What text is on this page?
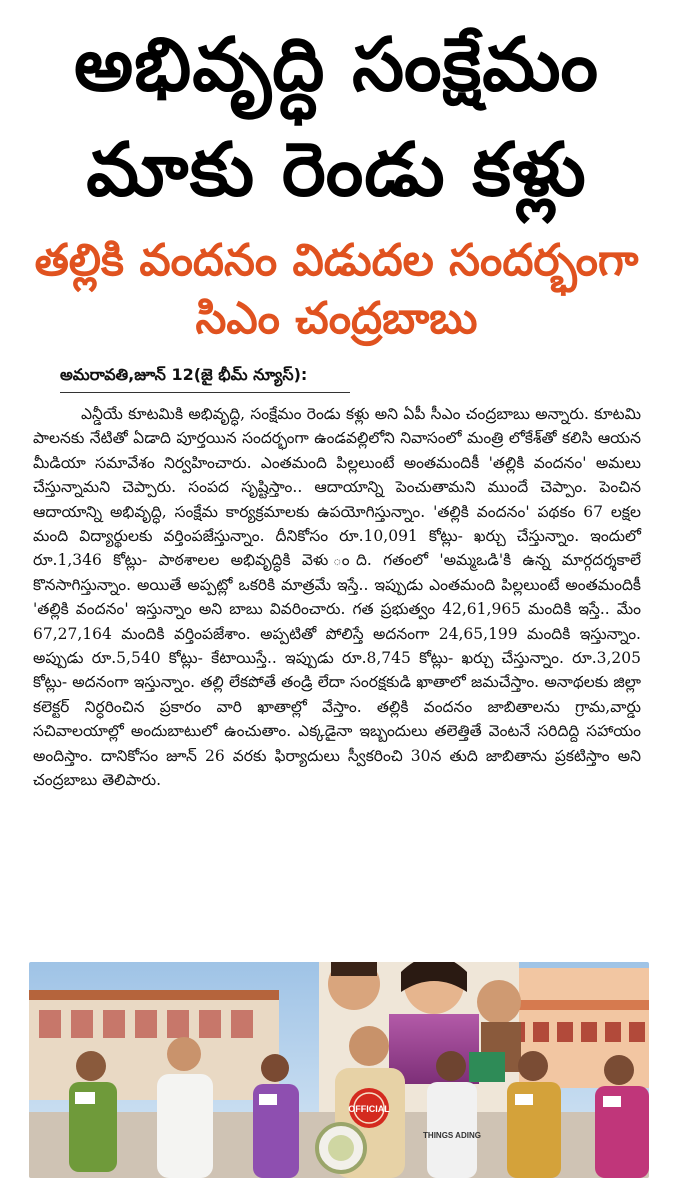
అభివృద్ధి సంక్షేమం
మాకు రెండు కళ్లు
తల్లికి వందనం విడుదల సందర్భంగా
సిఎం చంద్రబాబు
అమరావతి,జూన్ 12(జై భీమ్ న్యూస్):
ఎన్డీయే కూటమికి అభివృద్ధి, సంక్షేమం రెండు కళ్లు అని ఏపీ సీఎం చంద్రబాబు అన్నారు. కూటమి పాలనకు నేటితో ఏడాది పూర్తయిన సందర్భంగా ఉండవల్లిలోని నివాసంలో మంత్రి లోకేశ్‌తో కలిసి ఆయన మీడియా సమావేశం నిర్వహించారు. ఎంతమంది పిల్లలుంటే అంతమందికీ 'తల్లికి వందనం' అమలు చేస్తున్నామని చెప్పారు. సంపద సృష్టిస్తాం.. ఆదాయాన్ని పెంచుతామని ముందే చెప్పాం. పెంచిన ఆదాయాన్ని అభివృద్ధి, సంక్షేమ కార్యక్రమాలకు ఉపయోగిస్తున్నాం. 'తల్లికి వందనం' పథకం 67 లక్షల మంది విద్యార్థులకు వర్తింపజేస్తున్నాం. దీనికోసం రూ.10,091 కోట్లు- ఖర్చు చేస్తున్నాం. ఇందులో రూ.1,346 కోట్లు- పాఠశాలల అభివృద్ధికి వెళు ంది. గతంలో 'అమ్మఒడి'కి ఉన్న మార్గదర్శకాలే కొనసాగిస్తున్నాం. అయితే అప్పట్లో ఒకరికి మాత్రమే ఇస్తే.. ఇప్పుడు ఎంతమంది పిల్లలుంటే అంతమందికీ 'తల్లికి వందనం' ఇస్తున్నాం అని బాబు వివరించారు. గత ప్రభుత్వం 42,61,965 మందికి ఇస్తే.. మేం 67,27,164 మందికి వర్తింపజేశాం. అప్పటితో పోలిస్తే అదనంగా 24,65,199 మందికి ఇస్తున్నాం. అప్పుడు రూ.5,540 కోట్లు- కేటాయిస్తే.. ఇప్పుడు రూ.8,745 కోట్లు- ఖర్చు చేస్తున్నాం. రూ.3,205 కోట్లు- అదనంగా ఇస్తున్నాం. తల్లి లేకపోతే తండ్రి లేదా సంరక్షకుడి ఖాతాలో జమచేస్తాం. అనాథలకు జిల్లా కలెక్టర్ నిర్ధరించిన ప్రకారం వారి ఖాతాల్లో వేస్తాం. తల్లికి వందనం జాబితాలను గ్రామ,వార్డు సచివాలయాల్లో అందుబాటులో ఉంచుతాం. ఎక్కడైనా ఇబ్బందులు తలెత్తితే వెంటనే సరిదిద్ది సహాయం అందిస్తాం. దానికోసం జూన్ 26 వరకు ఫిర్యాదులు స్వీకరించి 30న తుది జాబితాను ప్రకటిస్తాం అని చంద్రబాబు తెలిపారు.
OFFICIAL
THINGS ADING
